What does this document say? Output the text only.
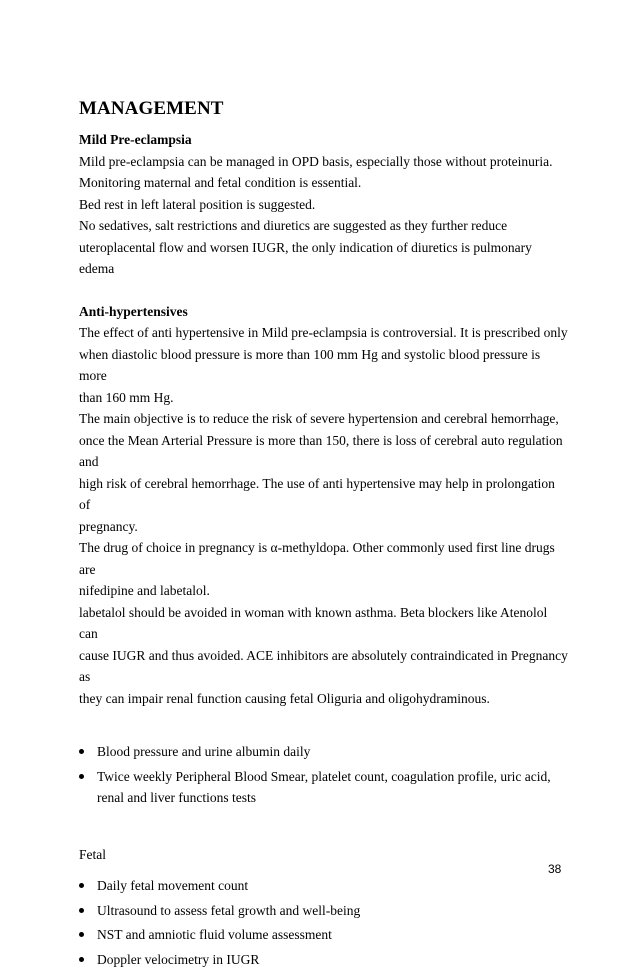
MANAGEMENT

Mild Pre-eclampsia

Mild pre-eclampsia can be managed in OPD basis, especially those without proteinuria.

Monitoring maternal and fetal condition is essential.

Bed rest in left lateral position is suggested.

No sedatives, salt restrictions and diuretics are suggested as they further reduce

uteroplacental flow and worsen IUGR, the only indication of diuretics is pulmonary edema

Anti-hypertensives

The effect of anti hypertensive in Mild pre-eclampsia is controversial. It is prescribed only

when diastolic blood pressure is more than 100 mm Hg and systolic blood pressure is more

than 160 mm Hg.

The main objective is to reduce the risk of severe hypertension and cerebral hemorrhage,

once the Mean Arterial Pressure is more than 150, there is loss of cerebral auto regulation and

high risk of cerebral hemorrhage. The use of anti hypertensive may help in prolongation of

pregnancy.

The drug of choice in pregnancy is α-methyldopa. Other commonly used first line drugs are

nifedipine and labetalol.

labetalol should be avoided in woman with known asthma. Beta blockers like Atenolol can

cause IUGR and thus avoided. ACE inhibitors are absolutely contraindicated in Pregnancy as

they can impair renal function causing fetal Oliguria and oligohydraminous.

Blood pressure and urine albumin daily
Twice weekly Peripheral Blood Smear, platelet count, coagulation profile, uric acid, renal and liver functions tests

Fetal

Daily fetal movement count
Ultrasound to assess fetal growth and well-being
NST and amniotic fluid volume assessment
Doppler velocimetry in IUGR
38
